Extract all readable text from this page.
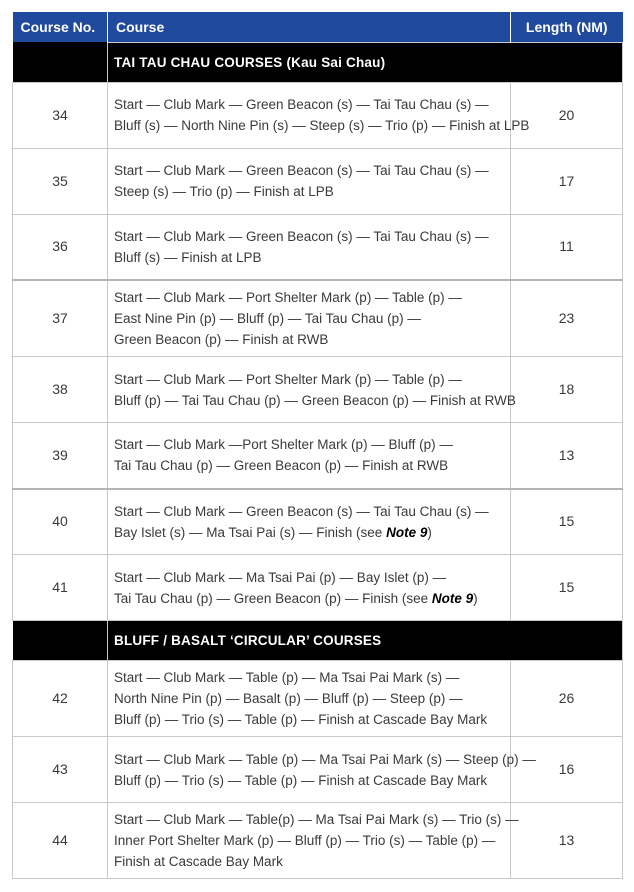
Course No.	Course	Length (NM)
	TAI TAU CHAU COURSES (Kau Sai Chau)	
34	Start — Club Mark — Green Beacon (s) — Tai Tau Chau (s) —
Bluff (s) — North Nine Pin (s) — Steep (s) — Trio (p) — Finish at LPB	20
35	Start — Club Mark — Green Beacon (s) — Tai Tau Chau (s) —
Steep (s) — Trio (p) — Finish at LPB	17
36	Start — Club Mark — Green Beacon (s) — Tai Tau Chau (s) —
Bluff (s) — Finish at LPB	11
37	Start — Club Mark — Port Shelter Mark (p) — Table (p) —
East Nine Pin (p) — Bluff (p) — Tai Tau Chau (p) —
Green Beacon (p) — Finish at RWB	23
38	Start — Club Mark — Port Shelter Mark (p) — Table (p) —
Bluff (p) — Tai Tau Chau (p) — Green Beacon (p) — Finish at RWB	18
39	Start — Club Mark —Port Shelter Mark (p) — Bluff (p) —
Tai Tau Chau (p) — Green Beacon (p) — Finish at RWB	13
40	Start — Club Mark — Green Beacon (s) — Tai Tau Chau (s) —
Bay Islet (s) — Ma Tsai Pai (s) — Finish (see Note 9)	15
41	Start — Club Mark — Ma Tsai Pai (p) — Bay Islet (p) —
Tai Tau Chau (p) — Green Beacon (p) — Finish (see Note 9)	15
	BLUFF / BASALT ‘CIRCULAR’ COURSES	
42	Start — Club Mark — Table (p) — Ma Tsai Pai Mark (s) —
North Nine Pin (p) — Basalt (p) — Bluff (p) — Steep (p) —
Bluff (p) — Trio (s) — Table (p) — Finish at Cascade Bay Mark	26
43	Start — Club Mark — Table (p) — Ma Tsai Pai Mark (s) — Steep (p) —
Bluff (p) — Trio (s) — Table (p) — Finish at Cascade Bay Mark	16
44	Start — Club Mark — Table(p) — Ma Tsai Pai Mark (s) — Trio (s) —
Inner Port Shelter Mark (p) — Bluff (p) — Trio (s) — Table (p) —
Finish at Cascade Bay Mark	13
